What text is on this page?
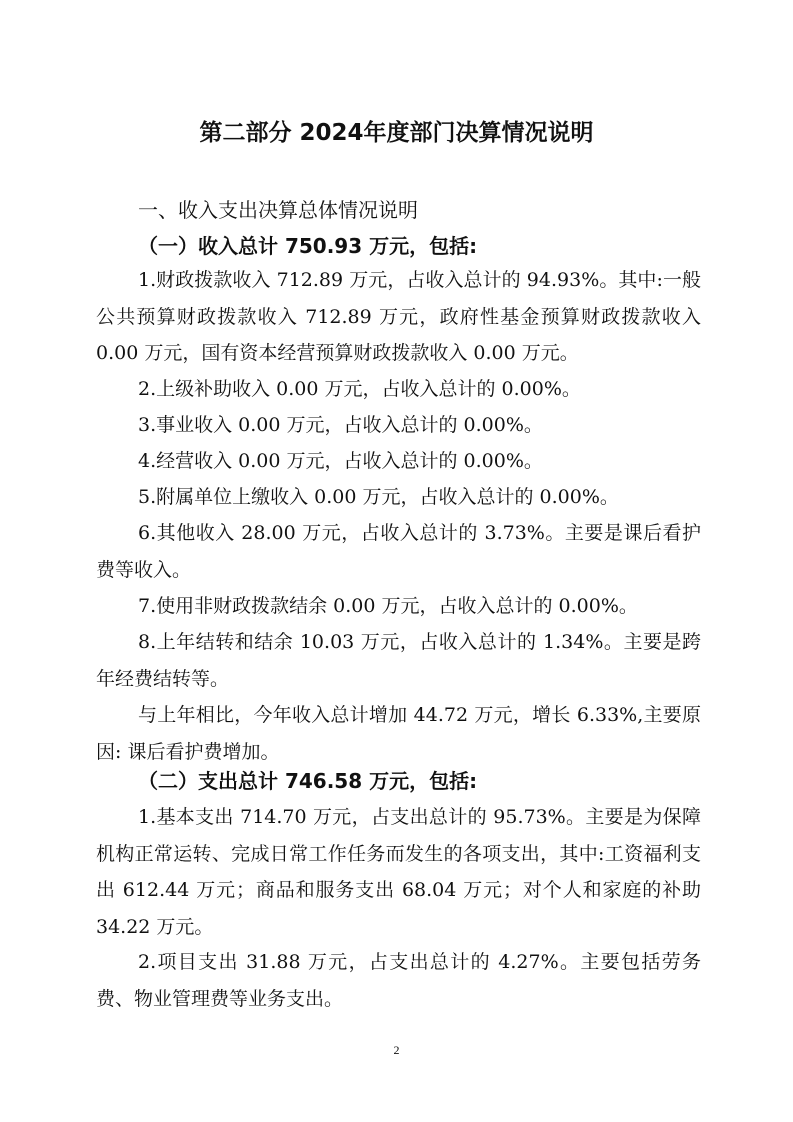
第二部分 2024年度部门决算情况说明

一、收入支出决算总体情况说明

（一）收入总计 750.93 万元，包括:

1.财政拨款收入 712.89 万元，占收入总计的 94.93%。其中:一般公共预算财政拨款收入 712.89 万元，政府性基金预算财政拨款收入 0.00 万元，国有资本经营预算财政拨款收入 0.00 万元。

2.上级补助收入 0.00 万元，占收入总计的 0.00%。

3.事业收入 0.00 万元，占收入总计的 0.00%。

4.经营收入 0.00 万元，占收入总计的 0.00%。

5.附属单位上缴收入 0.00 万元，占收入总计的 0.00%。

6.其他收入 28.00 万元，占收入总计的 3.73%。主要是课后看护费等收入。

7.使用非财政拨款结余 0.00 万元，占收入总计的 0.00%。

8.上年结转和结余 10.03 万元，占收入总计的 1.34%。主要是跨年经费结转等。

与上年相比，今年收入总计增加 44.72 万元，增长 6.33%,主要原因: 课后看护费增加。

（二）支出总计 746.58 万元，包括:

1.基本支出 714.70 万元，占支出总计的 95.73%。主要是为保障机构正常运转、完成日常工作任务而发生的各项支出，其中:工资福利支出 612.44 万元；商品和服务支出 68.04 万元；对个人和家庭的补助 34.22 万元。

2.项目支出 31.88 万元，占支出总计的 4.27%。主要包括劳务费、物业管理费等业务支出。

2
